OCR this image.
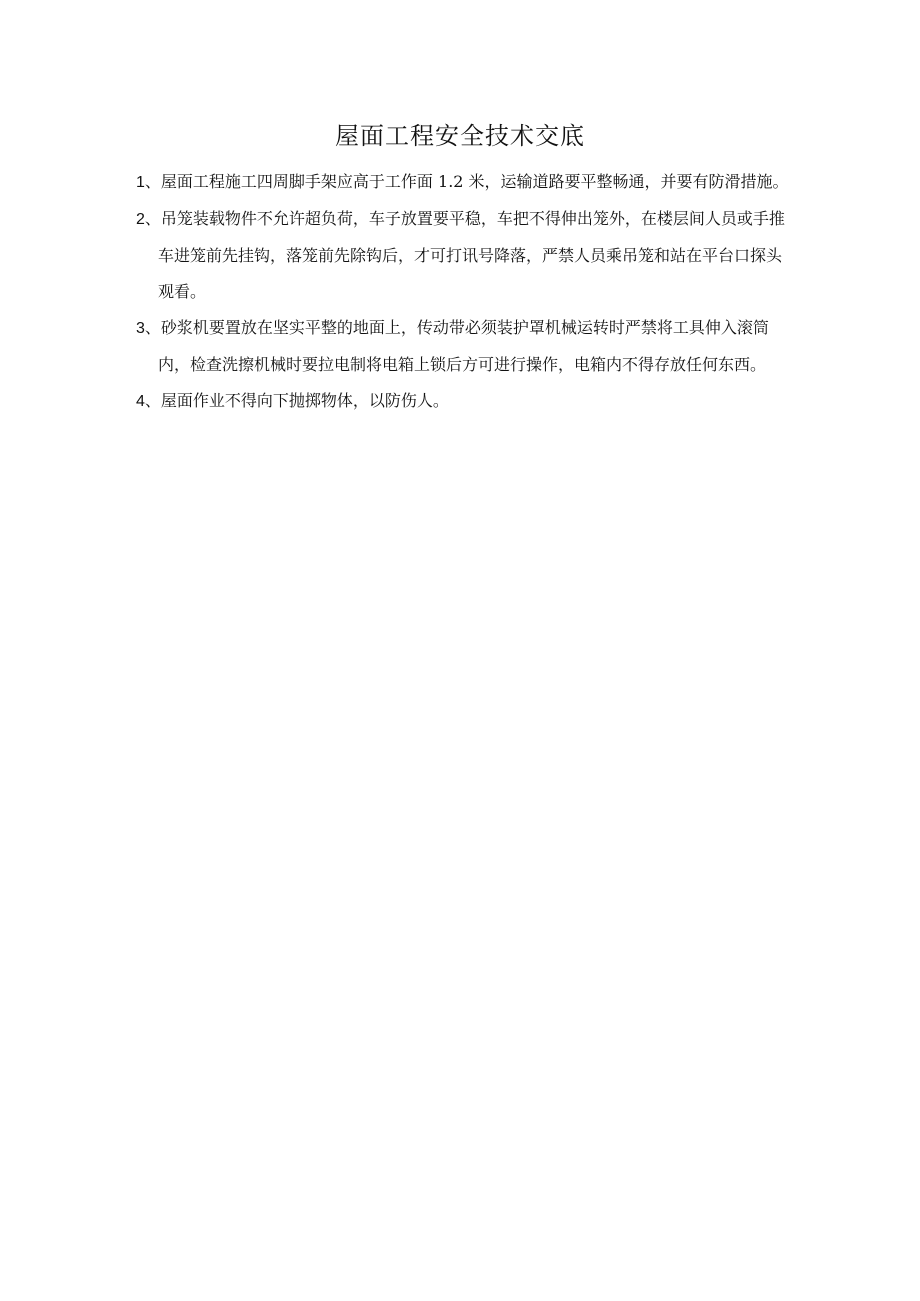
屋面工程安全技术交底

1、屋面工程施工四周脚手架应高于工作面 1.2 米，运输道路要平整畅通，并要有防滑措施。

2、吊笼装载物件不允许超负荷，车子放置要平稳，车把不得伸出笼外，在楼层间人员或手推车进笼前先挂钩，落笼前先除钩后，才可打讯号降落，严禁人员乘吊笼和站在平台口探头观看。

3、砂浆机要置放在坚实平整的地面上，传动带必须装护罩机械运转时严禁将工具伸入滚筒内，检查洗擦机械时要拉电制将电箱上锁后方可进行操作，电箱内不得存放任何东西。

4、屋面作业不得向下抛掷物体，以防伤人。
